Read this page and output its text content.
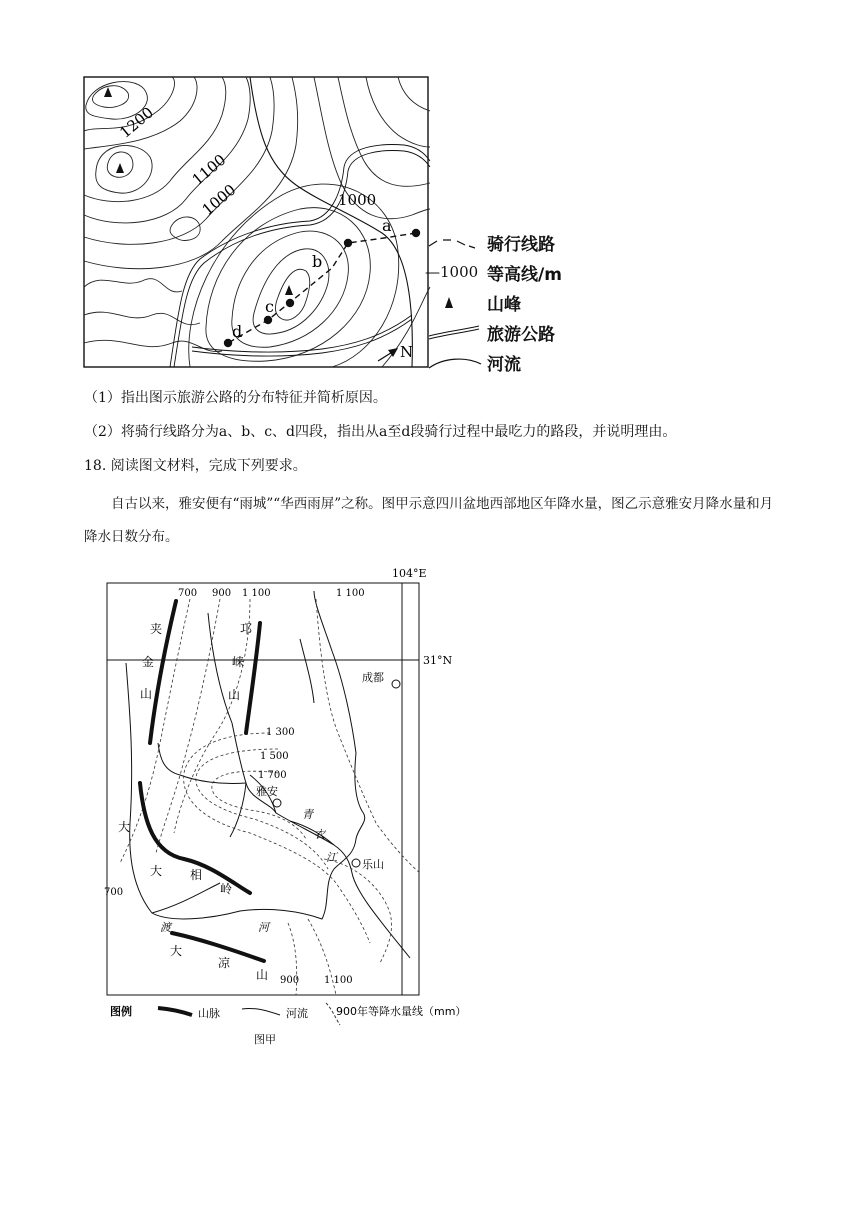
1200
1100
1000	1000
a
b
c
d
N
骑行线路
—1000 等高线/m
山峰
旅游公路
河流
（1）指出图示旅游公路的分布特征并简析原因。
（2）将骑行线路分为a、b、c、d四段，指出从a至d段骑行过程中最吃力的路段，并说明理由。
18. 阅读图文材料，完成下列要求。
自古以来，雅安便有“雨城”“华西雨屏”之称。图甲示意四川盆地西部地区年降水量，图乙示意雅安月降水量和月降水日数分布。
104°E
31°N
成都
雅安
乐山
700 900 1 100	1 100
1 300
1 500
1 700
700
900 1 100
夹
金
山
邛
崃
山
大
大 相
岭
大
凉
山
青
衣
江
渡	河
图例	山脉	河流	900年等降水量线（mm）
图甲
